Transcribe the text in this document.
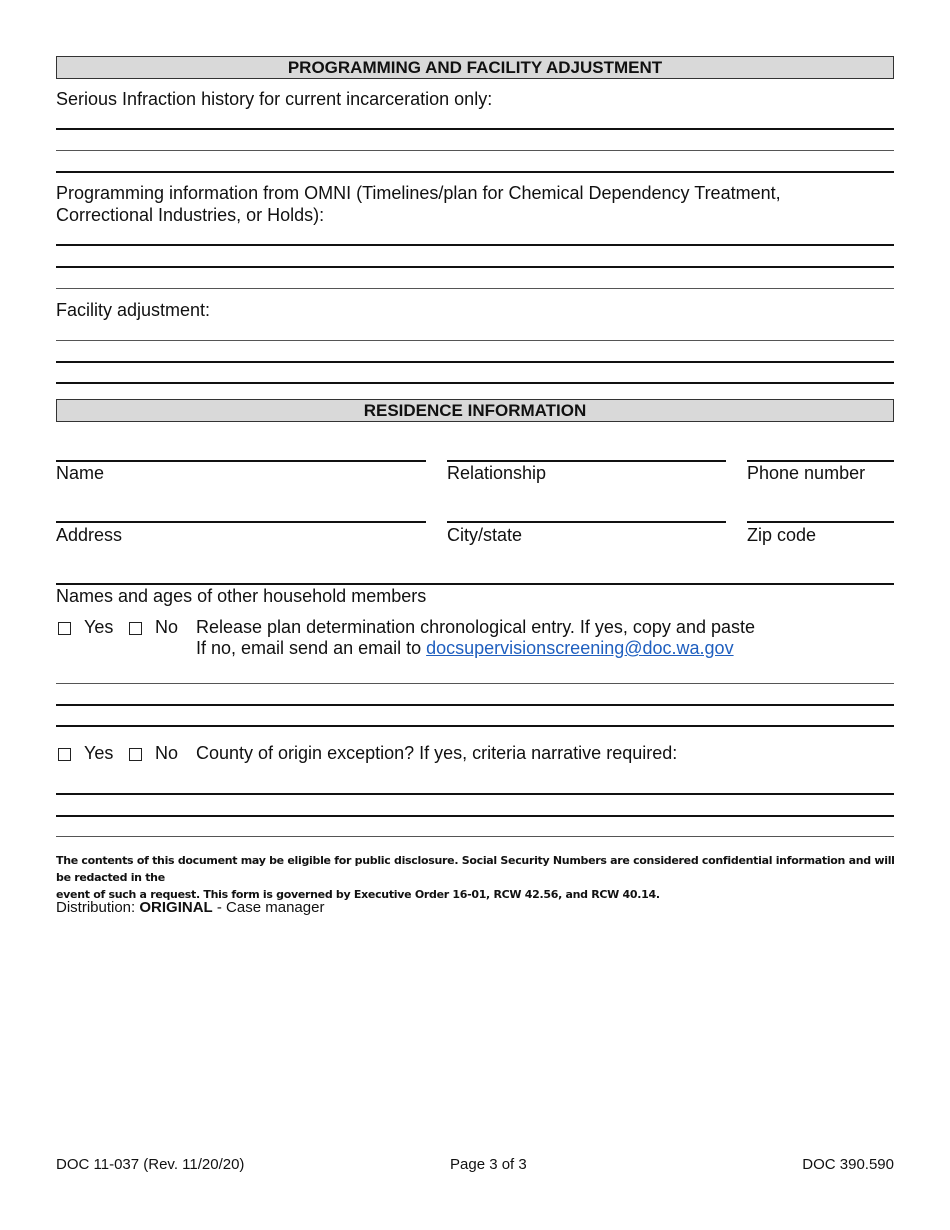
PROGRAMMING AND FACILITY ADJUSTMENT
Serious Infraction history for current incarceration only:
Programming information from OMNI (Timelines/plan for Chemical Dependency Treatment,
Correctional Industries, or Holds):
Facility adjustment:
RESIDENCE INFORMATION
Name	Relationship	Phone number
Address	City/state	Zip code
Names and ages of other household members
Yes No Release plan determination chronological entry. If yes, copy and paste
If no, email send an email to docsupervisionscreening@doc.wa.gov
Yes No County of origin exception? If yes, criteria narrative required:
The contents of this document may be eligible for public disclosure. Social Security Numbers are considered confidential information and will be redacted in the
event of such a request. This form is governed by Executive Order 16-01, RCW 42.56, and RCW 40.14.
Distribution: ORIGINAL - Case manager
DOC 11-037 (Rev. 11/20/20)	Page 3 of 3	DOC 390.590
